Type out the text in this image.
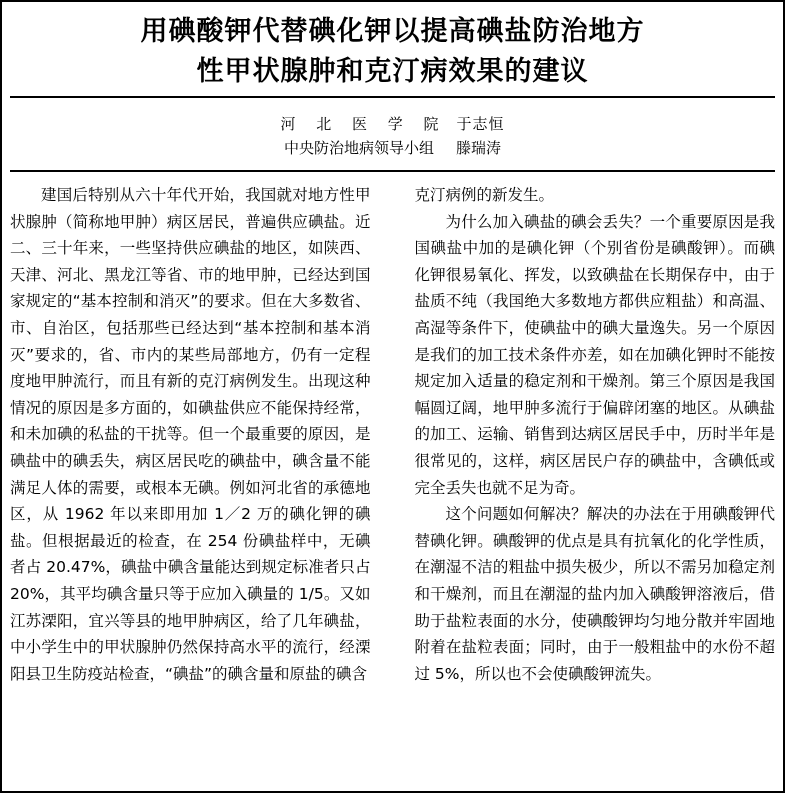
用碘酸钾代替碘化钾以提高碘盐防治地方
性甲状腺肿和克汀病效果的建议
河 北 医 学 院 于志恒
中央防治地病领导小组 滕瑞涛

建国后特别从六十年代开始，我国就对地方性甲状腺肿（简称地甲肿）病区居民，普遍供应碘盐。近二、三十年来，一些坚持供应碘盐的地区，如陕西、天津、河北、黑龙江等省、市的地甲肿，已经达到国家规定的“基本控制和消灭”的要求。但在大多数省、市、自治区，包括那些已经达到“基本控制和基本消灭”要求的，省、市内的某些局部地方，仍有一定程度地甲肿流行，而且有新的克汀病例发生。出现这种情况的原因是多方面的，如碘盐供应不能保持经常，和未加碘的私盐的干扰等。但一个最重要的原因，是碘盐中的碘丢失，病区居民吃的碘盐中，碘含量不能满足人体的需要，或根本无碘。例如河北省的承德地区，从 1962 年以来即用加 1／2 万的碘化钾的碘盐。但根据最近的检查，在 254 份碘盐样中，无碘者占 20.47%，碘盐中碘含量能达到规定标准者只占20%，其平均碘含量只等于应加入碘量的 1/5。又如江苏溧阳，宜兴等县的地甲肿病区，给了几年碘盐，中小学生中的甲状腺肿仍然保持高水平的流行，经溧阳县卫生防疫站检查，“碘盐”的碘含量和原盐的碘含

克汀病例的新发生。

为什么加入碘盐的碘会丢失？一个重要原因是我国碘盐中加的是碘化钾（个别省份是碘酸钾）。而碘化钾很易氧化、挥发，以致碘盐在长期保存中，由于盐质不纯（我国绝大多数地方都供应粗盐）和高温、高湿等条件下，使碘盐中的碘大量逸失。另一个原因是我们的加工技术条件亦差，如在加碘化钾时不能按规定加入适量的稳定剂和干燥剂。第三个原因是我国幅圆辽阔，地甲肿多流行于偏辟闭塞的地区。从碘盐的加工、运输、销售到达病区居民手中，历时半年是很常见的，这样，病区居民户存的碘盐中，含碘低或完全丢失也就不足为奇。

这个问题如何解决？解决的办法在于用碘酸钾代替碘化钾。碘酸钾的优点是具有抗氧化的化学性质，在潮湿不洁的粗盐中损失极少，所以不需另加稳定剂和干燥剂，而且在潮湿的盐内加入碘酸钾溶液后，借助于盐粒表面的水分，使碘酸钾均匀地分散并牢固地附着在盐粒表面；同时，由于一般粗盐中的水份不超过 5%，所以也不会使碘酸钾流失。
